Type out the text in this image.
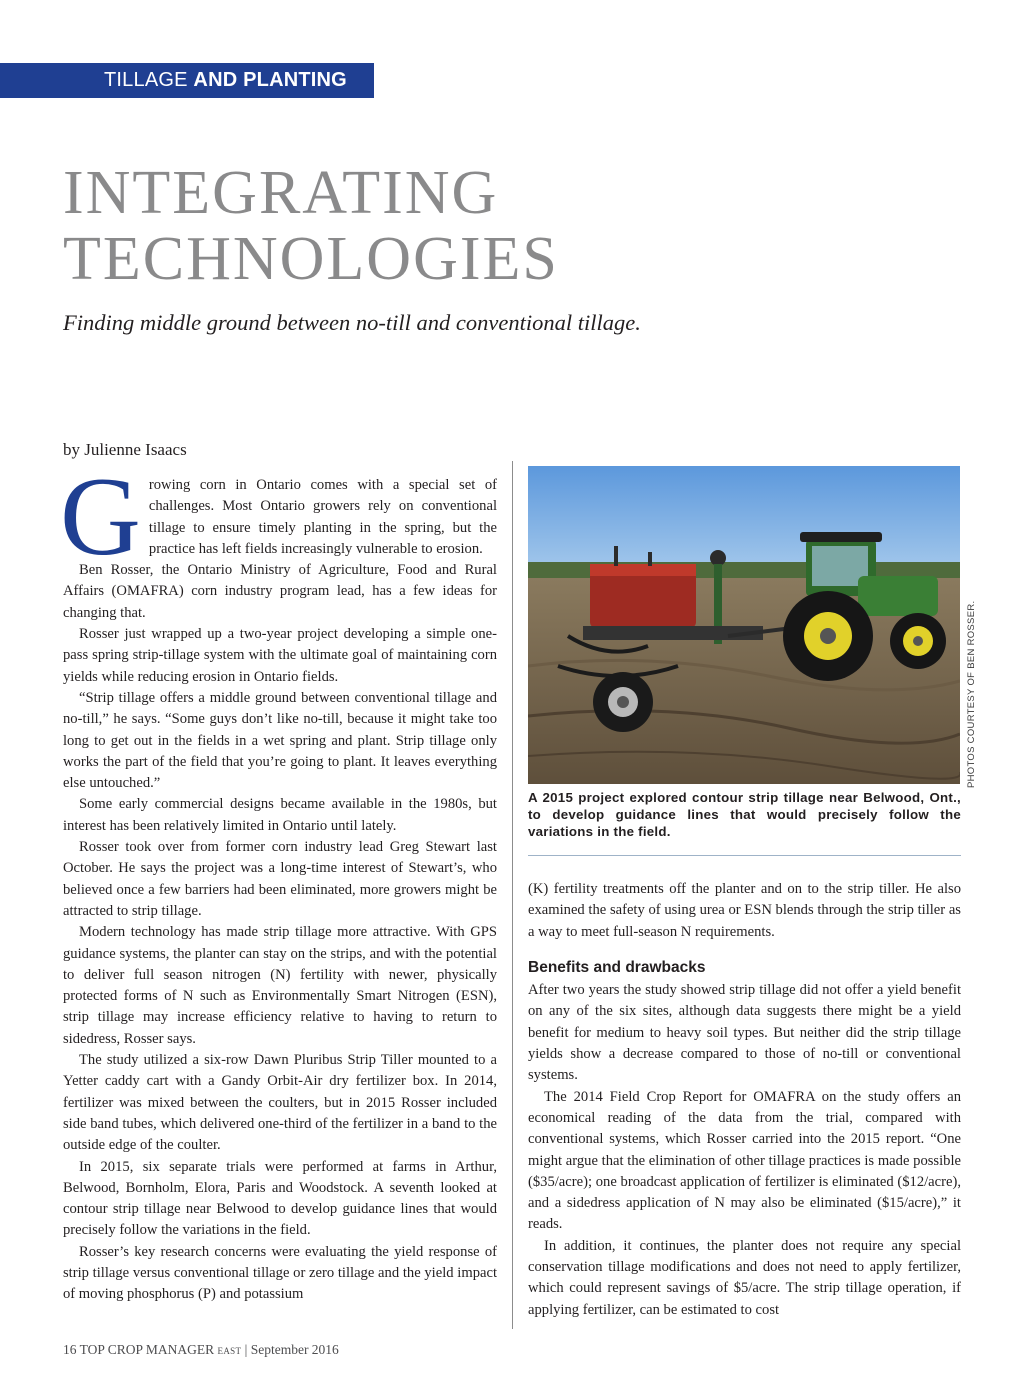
TILLAGE AND PLANTING
INTEGRATING
TECHNOLOGIES

Finding middle ground between no-till and conventional tillage.

by Julienne Isaacs
G rowing corn in Ontario comes with a special set of challenges. Most Ontario growers rely on conventional tillage to ensure timely planting in the spring, but the practice has left fields increasingly vulnerable to erosion.

Ben Rosser, the Ontario Ministry of Agriculture, Food and Rural Affairs (OMAFRA) corn industry program lead, has a few ideas for changing that.

Rosser just wrapped up a two-year project developing a simple one-pass spring strip-tillage system with the ultimate goal of maintaining corn yields while reducing erosion in Ontario fields.

“Strip tillage offers a middle ground between conventional tillage and no-till,” he says. “Some guys don’t like no-till, because it might take too long to get out in the fields in a wet spring and plant. Strip tillage only works the part of the field that you’re going to plant. It leaves everything else untouched.”

Some early commercial designs became available in the 1980s, but interest has been relatively limited in Ontario until lately.

Rosser took over from former corn industry lead Greg Stewart last October. He says the project was a long-time interest of Stewart’s, who believed once a few barriers had been eliminated, more growers might be attracted to strip tillage.

Modern technology has made strip tillage more attractive. With GPS guidance systems, the planter can stay on the strips, and with the potential to deliver full season nitrogen (N) fertility with newer, physically protected forms of N such as Environmentally Smart Nitrogen (ESN), strip tillage may increase efficiency relative to having to return to sidedress, Rosser says.

The study utilized a six-row Dawn Pluribus Strip Tiller mounted to a Yetter caddy cart with a Gandy Orbit-Air dry fertilizer box. In 2014, fertilizer was mixed between the coulters, but in 2015 Rosser included side band tubes, which delivered one-third of the fertilizer in a band to the outside edge of the coulter.

In 2015, six separate trials were performed at farms in Arthur, Belwood, Bornholm, Elora, Paris and Woodstock. A seventh looked at contour strip tillage near Belwood to develop guidance lines that would precisely follow the variations in the field.

Rosser’s key research concerns were evaluating the yield response of strip tillage versus conventional tillage or zero tillage and the yield impact of moving phosphorus (P) and potassium

PHOTOS COURTESY OF BEN ROSSER.
A 2015 project explored contour strip tillage near Belwood, Ont., to develop guidance lines that would precisely follow the variations in the field.

(K) fertility treatments off the planter and on to the strip tiller. He also examined the safety of using urea or ESN blends through the strip tiller as a way to meet full-season N requirements.

Benefits and drawbacks

After two years the study showed strip tillage did not offer a yield benefit on any of the six sites, although data suggests there might be a yield benefit for medium to heavy soil types. But neither did the strip tillage yields show a decrease compared to those of no-till or conventional systems.

The 2014 Field Crop Report for OMAFRA on the study offers an economical reading of the data from the trial, compared with conventional systems, which Rosser carried into the 2015 report. “One might argue that the elimination of other tillage practices is made possible ($35/acre); one broadcast application of fertilizer is eliminated ($12/acre), and a sidedress application of N may also be eliminated ($15/acre),” it reads.

In addition, it continues, the planter does not require any special conservation tillage modifications and does not need to apply fertilizer, which could represent savings of $5/acre. The strip tillage operation, if applying fertilizer, can be estimated to cost

16 TOP CROP MANAGER EAST | September 2016
